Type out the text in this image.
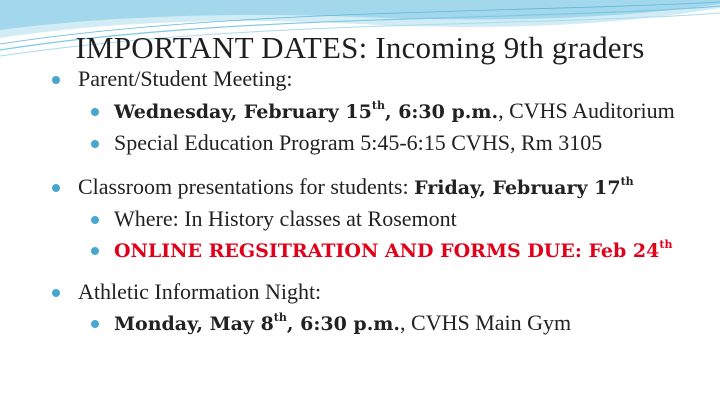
IMPORTANT DATES: Incoming 9th graders
Parent/Student Meeting:
Wednesday, February 15th, 6:30 p.m., CVHS Auditorium
Special Education Program 5:45-6:15 CVHS, Rm 3105
Classroom presentations for students: Friday, February 17th
Where: In History classes at Rosemont
ONLINE REGSITRATION AND FORMS DUE: Feb 24th
Athletic Information Night:
Monday, May 8th, 6:30 p.m., CVHS Main Gym
